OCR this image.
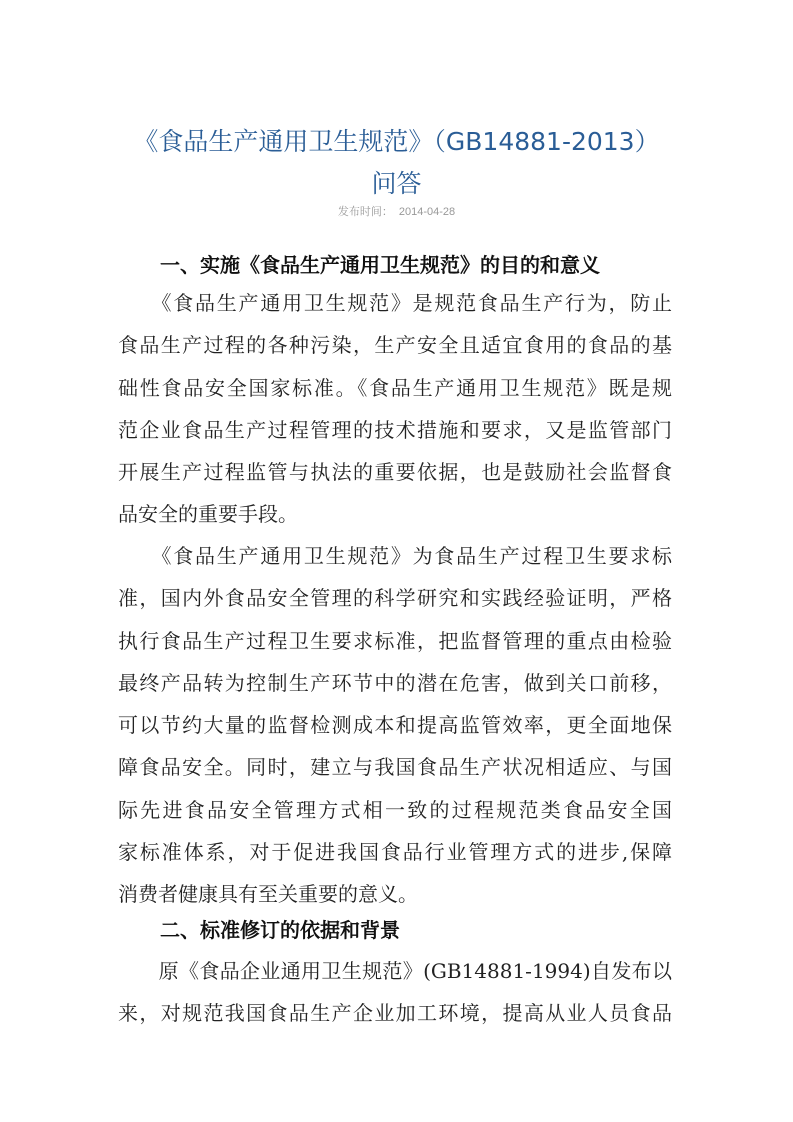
《食品生产通用卫生规范》（GB14881-2013）
问答
发布时间： 2014-04-28
一、实施《食品生产通用卫生规范》的目的和意义
　　《食品生产通用卫生规范》是规范食品生产行为，防止
食品生产过程的各种污染，生产安全且适宜食用的食品的基
础性食品安全国家标准。《食品生产通用卫生规范》既是规
范企业食品生产过程管理的技术措施和要求，又是监管部门
开展生产过程监管与执法的重要依据，也是鼓励社会监督食
品安全的重要手段。
　　《食品生产通用卫生规范》为食品生产过程卫生要求标
准，国内外食品安全管理的科学研究和实践经验证明，严格
执行食品生产过程卫生要求标准，把监督管理的重点由检验
最终产品转为控制生产环节中的潜在危害，做到关口前移，
可以节约大量的监督检测成本和提高监管效率，更全面地保
障食品安全。同时，建立与我国食品生产状况相适应、与国
际先进食品安全管理方式相一致的过程规范类食品安全国
家标准体系，对于促进我国食品行业管理方式的进步,保障
消费者健康具有至关重要的意义。
二、标准修订的依据和背景
　　原《食品企业通用卫生规范》(GB14881-1994)自发布以
来，对规范我国食品生产企业加工环境，提高从业人员食品
